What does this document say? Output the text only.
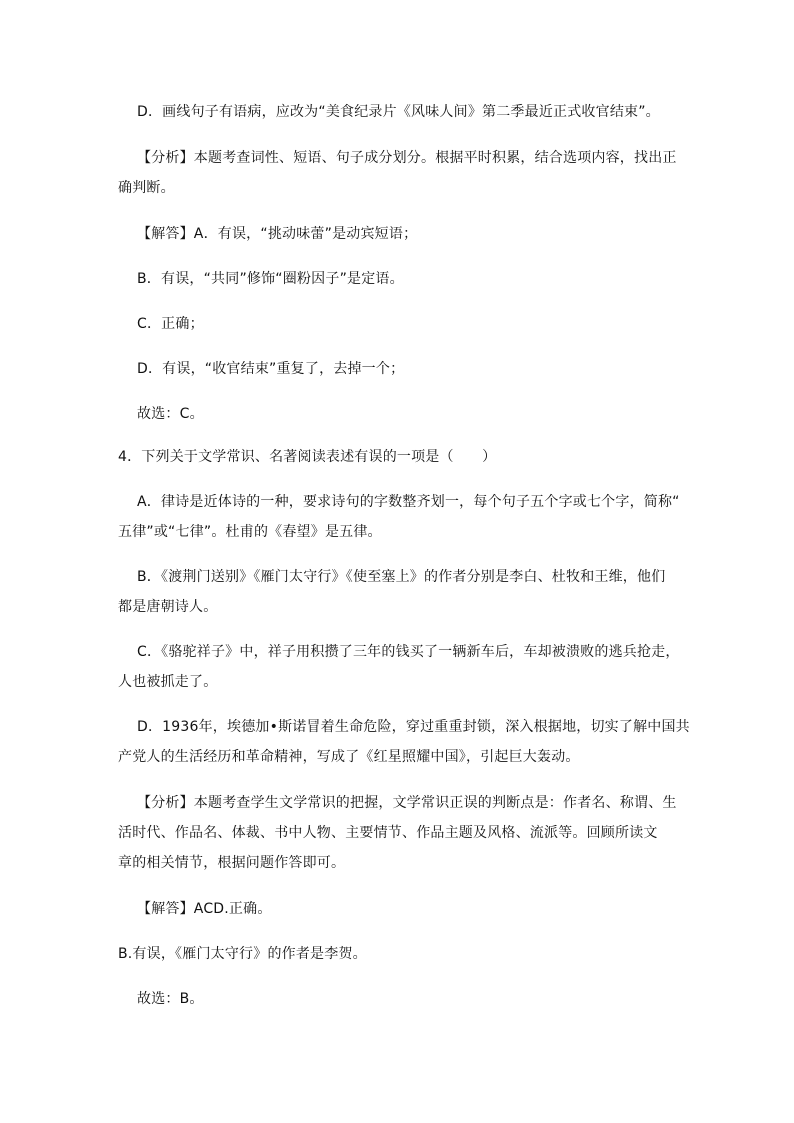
D．画线句子有语病，应改为“美食纪录片《风味人间》第二季最近正式收官结束”。
【分析】本题考查词性、短语、句子成分划分。根据平时积累，结合选项内容，找出正
确判断。
【解答】A．有误，“挑动味蕾”是动宾短语；
B．有误，“共同”修饰“圈粉因子”是定语。
C．正确；
D．有误，“收官结束”重复了，去掉一个；
故选：C。
4．下列关于文学常识、名著阅读表述有误的一项是（　　）
A．律诗是近体诗的一种，要求诗句的字数整齐划一，每个句子五个字或七个字，简称“
五律”或“七律”。杜甫的《春望》是五律。
B．《渡荆门送别》《雁门太守行》《使至塞上》的作者分别是李白、杜牧和王维，他们
都是唐朝诗人。
C．《骆驼祥子》中，祥子用积攒了三年的钱买了一辆新车后，车却被溃败的逃兵抢走，
人也被抓走了。
D．1936年，埃德加•斯诺冒着生命危险，穿过重重封锁，深入根据地，切实了解中国共
产党人的生活经历和革命精神，写成了《红星照耀中国》，引起巨大轰动。
【分析】本题考查学生文学常识的把握，文学常识正误的判断点是：作者名、称谓、生
活时代、作品名、体裁、书中人物、主要情节、作品主题及风格、流派等。回顾所读文
章的相关情节，根据问题作答即可。
【解答】ACD.正确。
B.有误，《雁门太守行》的作者是李贺。
故选：B。
